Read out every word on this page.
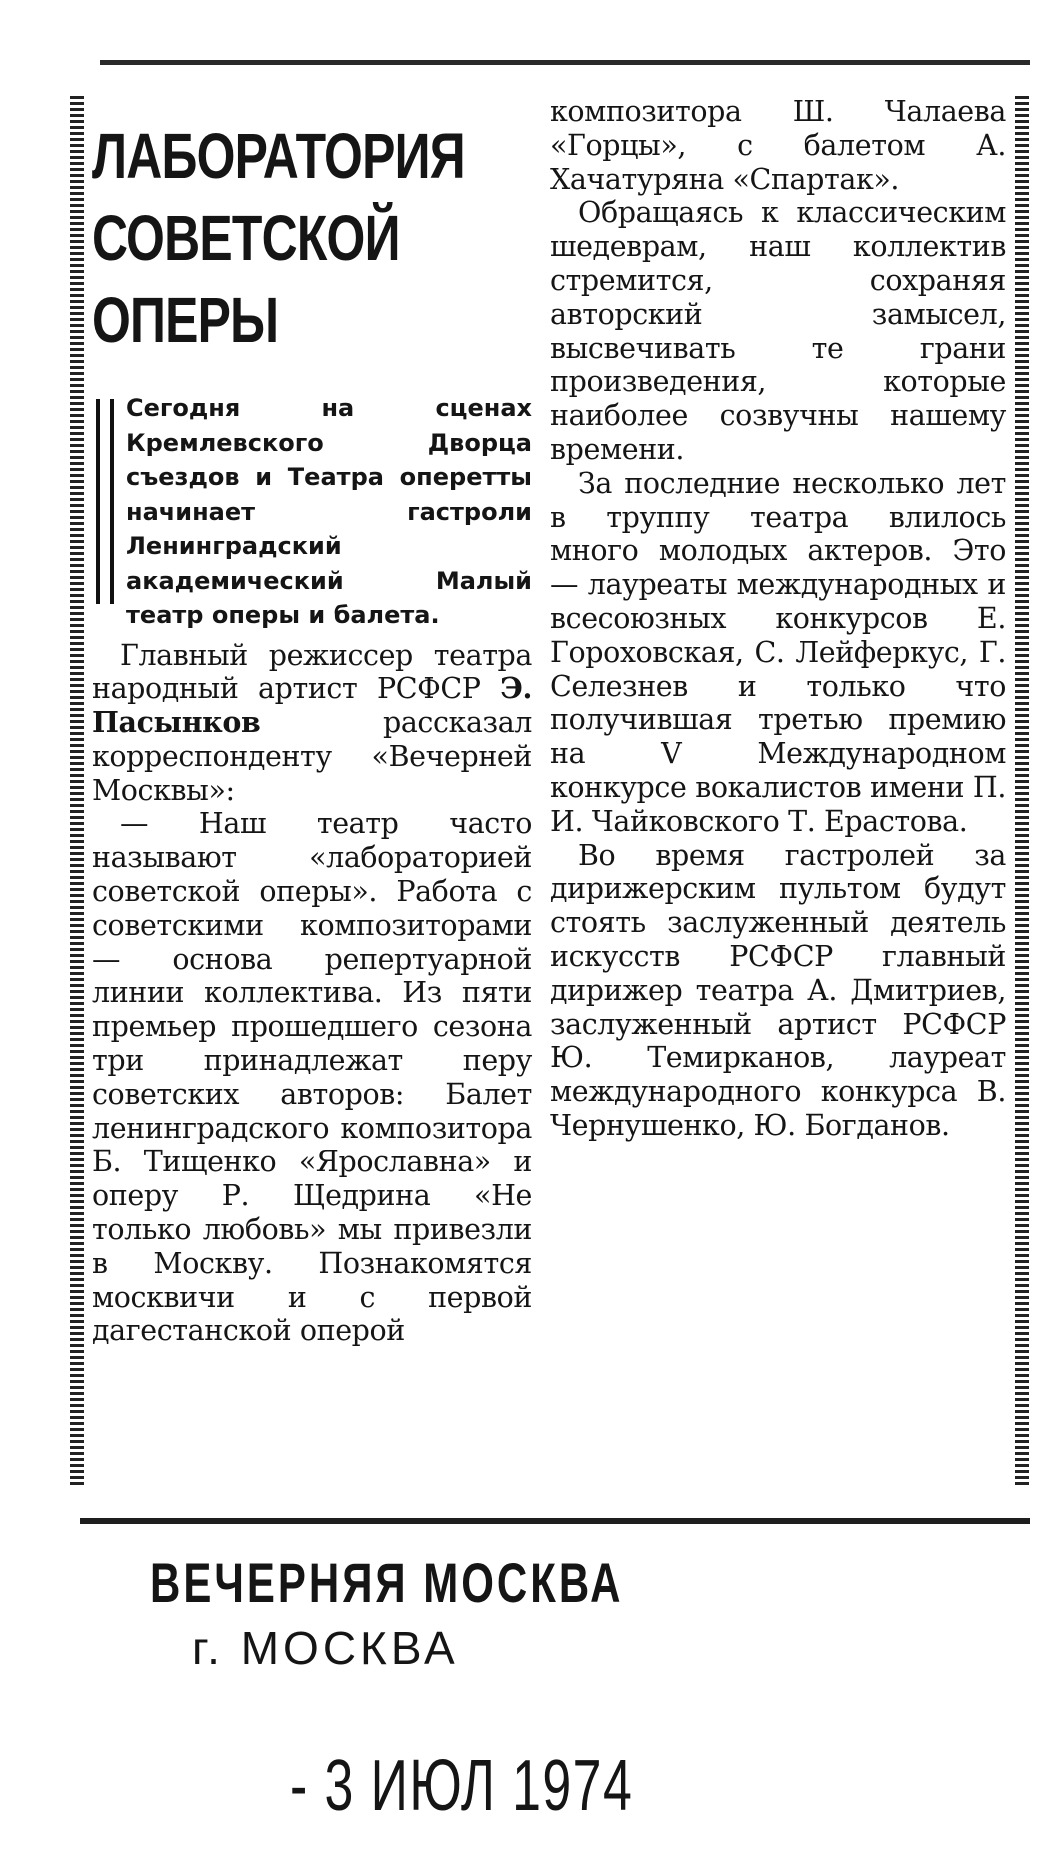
ЛАБОРАТОРИЯ
СОВЕТСКОЙ
ОПЕРЫ
Сегодня на сценах Кремлевского Дворца съездов и Театра оперетты начинает гастроли Ленинградский академический Малый театр оперы и балета.

Главный режиссер театра народный артист РСФСР Э. Пасынков рассказал корреспонденту «Вечерней Москвы»:

— Наш театр часто называют «лабораторией советской оперы». Работа с советскими композиторами — основа репертуарной линии коллектива. Из пяти премьер прошедшего сезона три принадлежат перу советских авторов: Балет ленинградского композитора Б. Тищенко «Ярославна» и оперу Р. Щедрина «Не только любовь» мы привезли в Москву. Познакомятся москвичи и с первой дагестанской оперой

композитора Ш. Чалаева «Горцы», с балетом А. Хачатуряна «Спартак».

Обращаясь к классическим шедеврам, наш коллектив стремится, сохраняя авторский замысел, высвечивать те грани произведения, которые наиболее созвучны нашему времени.

За последние несколько лет в труппу театра влилось много молодых актеров. Это — лауреаты международных и всесоюзных конкурсов Е. Гороховская, С. Лейферкус, Г. Селезнев и только что получившая третью премию на V Международном конкурсе вокалистов имени П. И. Чайковского Т. Ерастова.

Во время гастролей за дирижерским пультом будут стоять заслуженный деятель искусств РСФСР главный дирижер театра А. Дмитриев, заслуженный артист РСФСР Ю. Темирканов, лауреат международного конкурса В. Чернушенко, Ю. Богданов.

ВЕЧЕРНЯЯ МОСКВА
г. МОСКВА
- 3 ИЮЛ 1974
